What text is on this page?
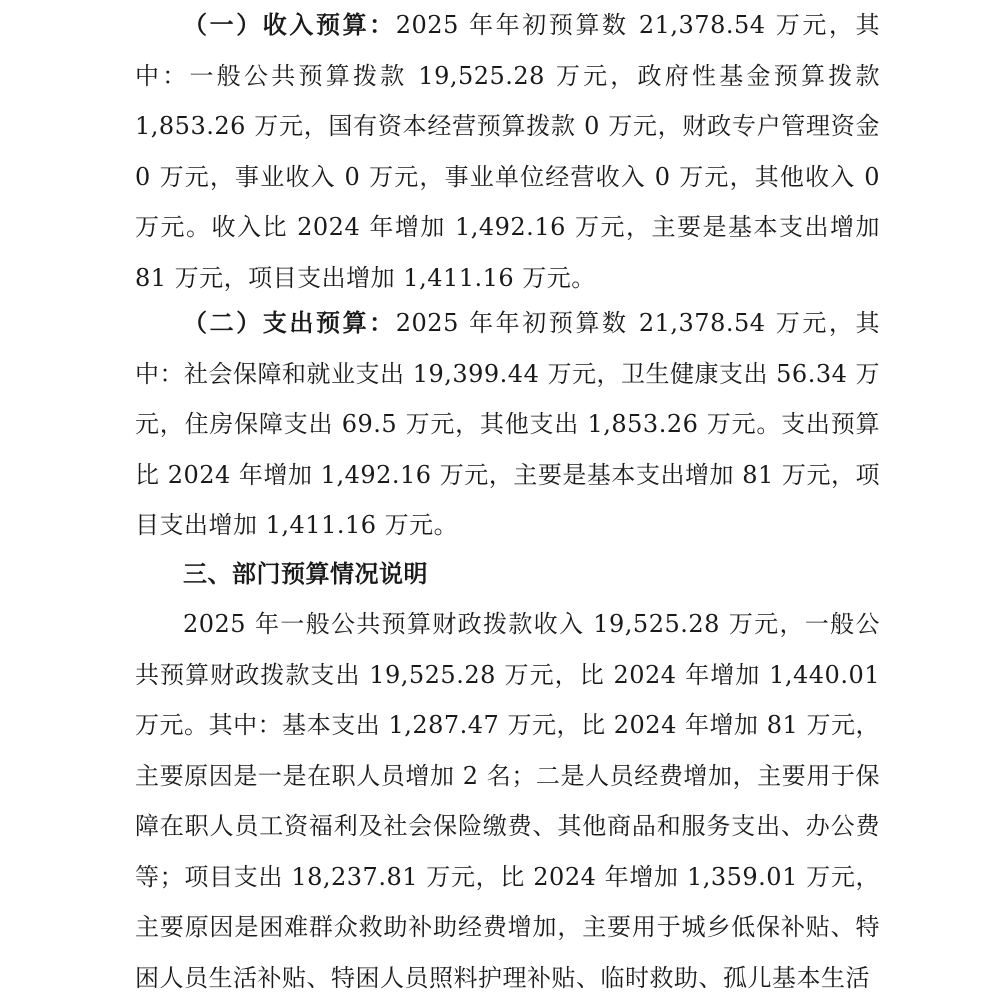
（一）收入预算：2025 年年初预算数 21,378.54 万元，其中：一般公共预算拨款 19,525.28 万元，政府性基金预算拨款 1,853.26 万元，国有资本经营预算拨款 0 万元，财政专户管理资金 0 万元，事业收入 0 万元，事业单位经营收入 0 万元，其他收入 0 万元。收入比 2024 年增加 1,492.16 万元，主要是基本支出增加 81 万元，项目支出增加 1,411.16 万元。

（二）支出预算：2025 年年初预算数 21,378.54 万元，其中：社会保障和就业支出 19,399.44 万元，卫生健康支出 56.34 万元，住房保障支出 69.5 万元，其他支出 1,853.26 万元。支出预算比 2024 年增加 1,492.16 万元，主要是基本支出增加 81 万元，项目支出增加 1,411.16 万元。

三、部门预算情况说明

2025 年一般公共预算财政拨款收入 19,525.28 万元，一般公共预算财政拨款支出 19,525.28 万元，比 2024 年增加 1,440.01 万元。其中：基本支出 1,287.47 万元，比 2024 年增加 81 万元，主要原因是一是在职人员增加 2 名；二是人员经费增加，主要用于保障在职人员工资福利及社会保险缴费、其他商品和服务支出、办公费等；项目支出 18,237.81 万元，比 2024 年增加 1,359.01 万元，主要原因是困难群众救助补助经费增加，主要用于城乡低保补贴、特困人员生活补贴、特困人员照料护理补贴、临时救助、孤儿基本生活
